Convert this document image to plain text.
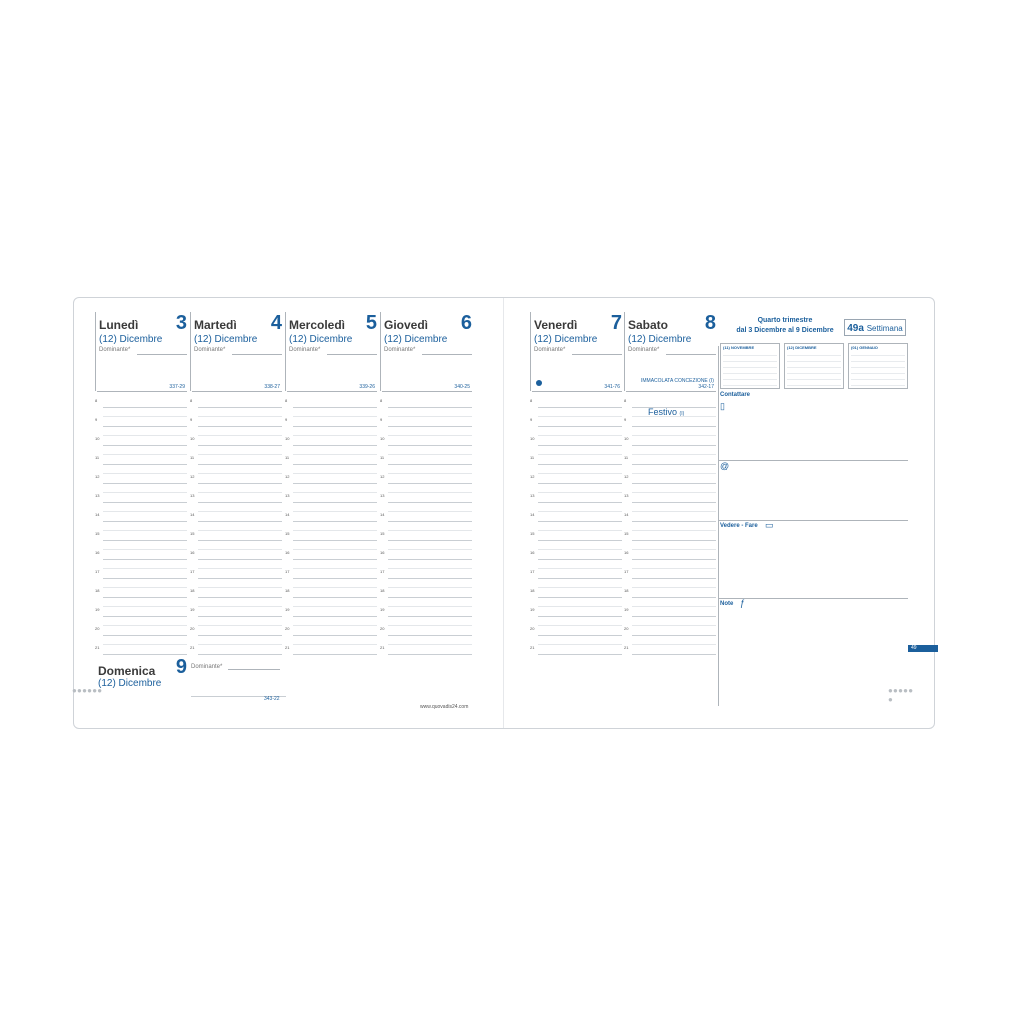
Lunedì 3
(12) Dicembre
Dominante*
337-29
8
9
10
11
12
13
14
15
16
17
18
19
20
21
Martedì 4
(12) Dicembre
Dominante*
338-27
8
9
10
11
12
13
14
15
16
17
18
19
20
21
Mercoledì 5
(12) Dicembre
Dominante*
339-26
8
9
10
11
12
13
14
15
16
17
18
19
20
21
Giovedì 6
(12) Dicembre
Dominante*
340-25
8
9
10
11
12
13
14
15
16
17
18
19
20
21
Domenica 9
(12) Dicembre
Dominante*
343-22
www.quovadis24.com
● ● ● ● ● ●
Venerdì 7
(12) Dicembre
Dominante*
341-76
8
9
10
11
12
13
14
15
16
17
18
19
20
21
Sabato 8
(12) Dicembre
Dominante*
342-17
8
9
10
11
12
13
14
15
16
17
18
19
20
21
IMMACOLATA CONCEZIONE (I)
Festivo (I)
Quarto trimestre
dal 3 Dicembre al 9 Dicembre	49a Settimana
(11) NOVEMBRE	(12) DICEMBRE	(01) GENNAIO
Contattare
▯
@
Vedere - Fare ▭
Note ƒ
49
● ● ● ● ● ●
